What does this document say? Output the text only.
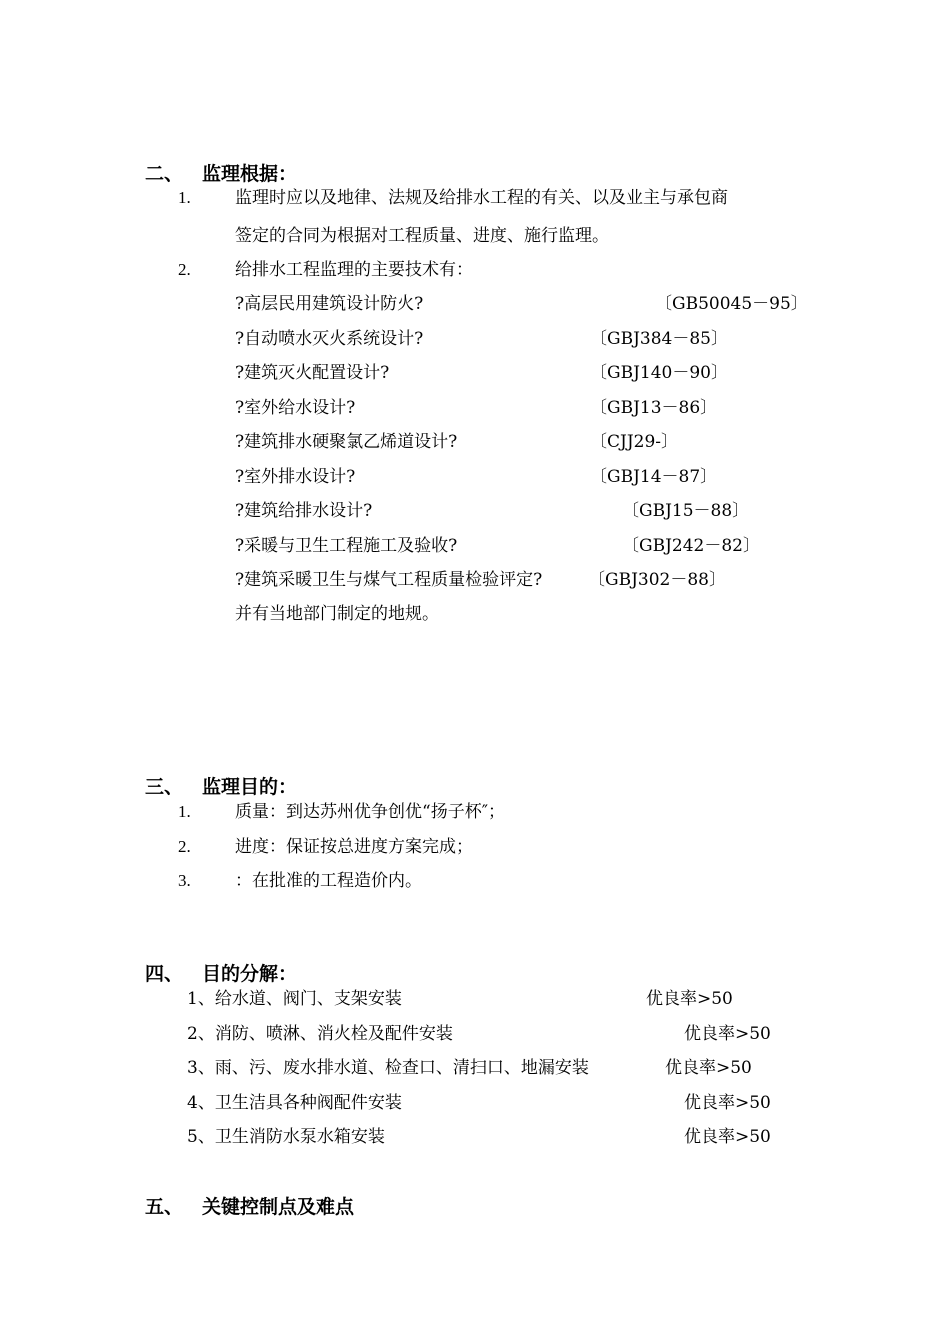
二、 监理根据：
1.	监理时应以及地律、法规及给排水工程的有关、以及业主与承包商
签定的合同为根据对工程质量、进度、施行监理。
2.	给排水工程监理的主要技术有：
?高层民用建筑设计防火?	〔GB50045－95〕
?自动喷水灭火系统设计?	〔GBJ384－85〕
?建筑灭火配置设计?	〔GBJ140－90〕
?室外给水设计?	〔GBJ13－86〕
?建筑排水硬聚氯乙烯道设计?	〔CJJ29-〕
?室外排水设计?	〔GBJ14－87〕
?建筑给排水设计?	〔GBJ15－88〕
?采暖与卫生工程施工及验收?	〔GBJ242－82〕
?建筑采暖卫生与煤气工程质量检验评定?	〔GBJ302－88〕
并有当地部门制定的地规。
三、 监理目的：
1.	质量：到达苏州优争创优“扬子杯″；
2.	进度：保证按总进度方案完成；
3.	：在批准的工程造价内。
四、 目的分解：
1、给水道、阀门、支架安装	优良率>50
2、消防、喷淋、消火栓及配件安装	优良率>50
3、雨、污、废水排水道、检查口、清扫口、地漏安装	优良率>50
4、卫生洁具各种阀配件安装	优良率>50
5、卫生消防水泵水箱安装	优良率>50
五、 关键控制点及难点
